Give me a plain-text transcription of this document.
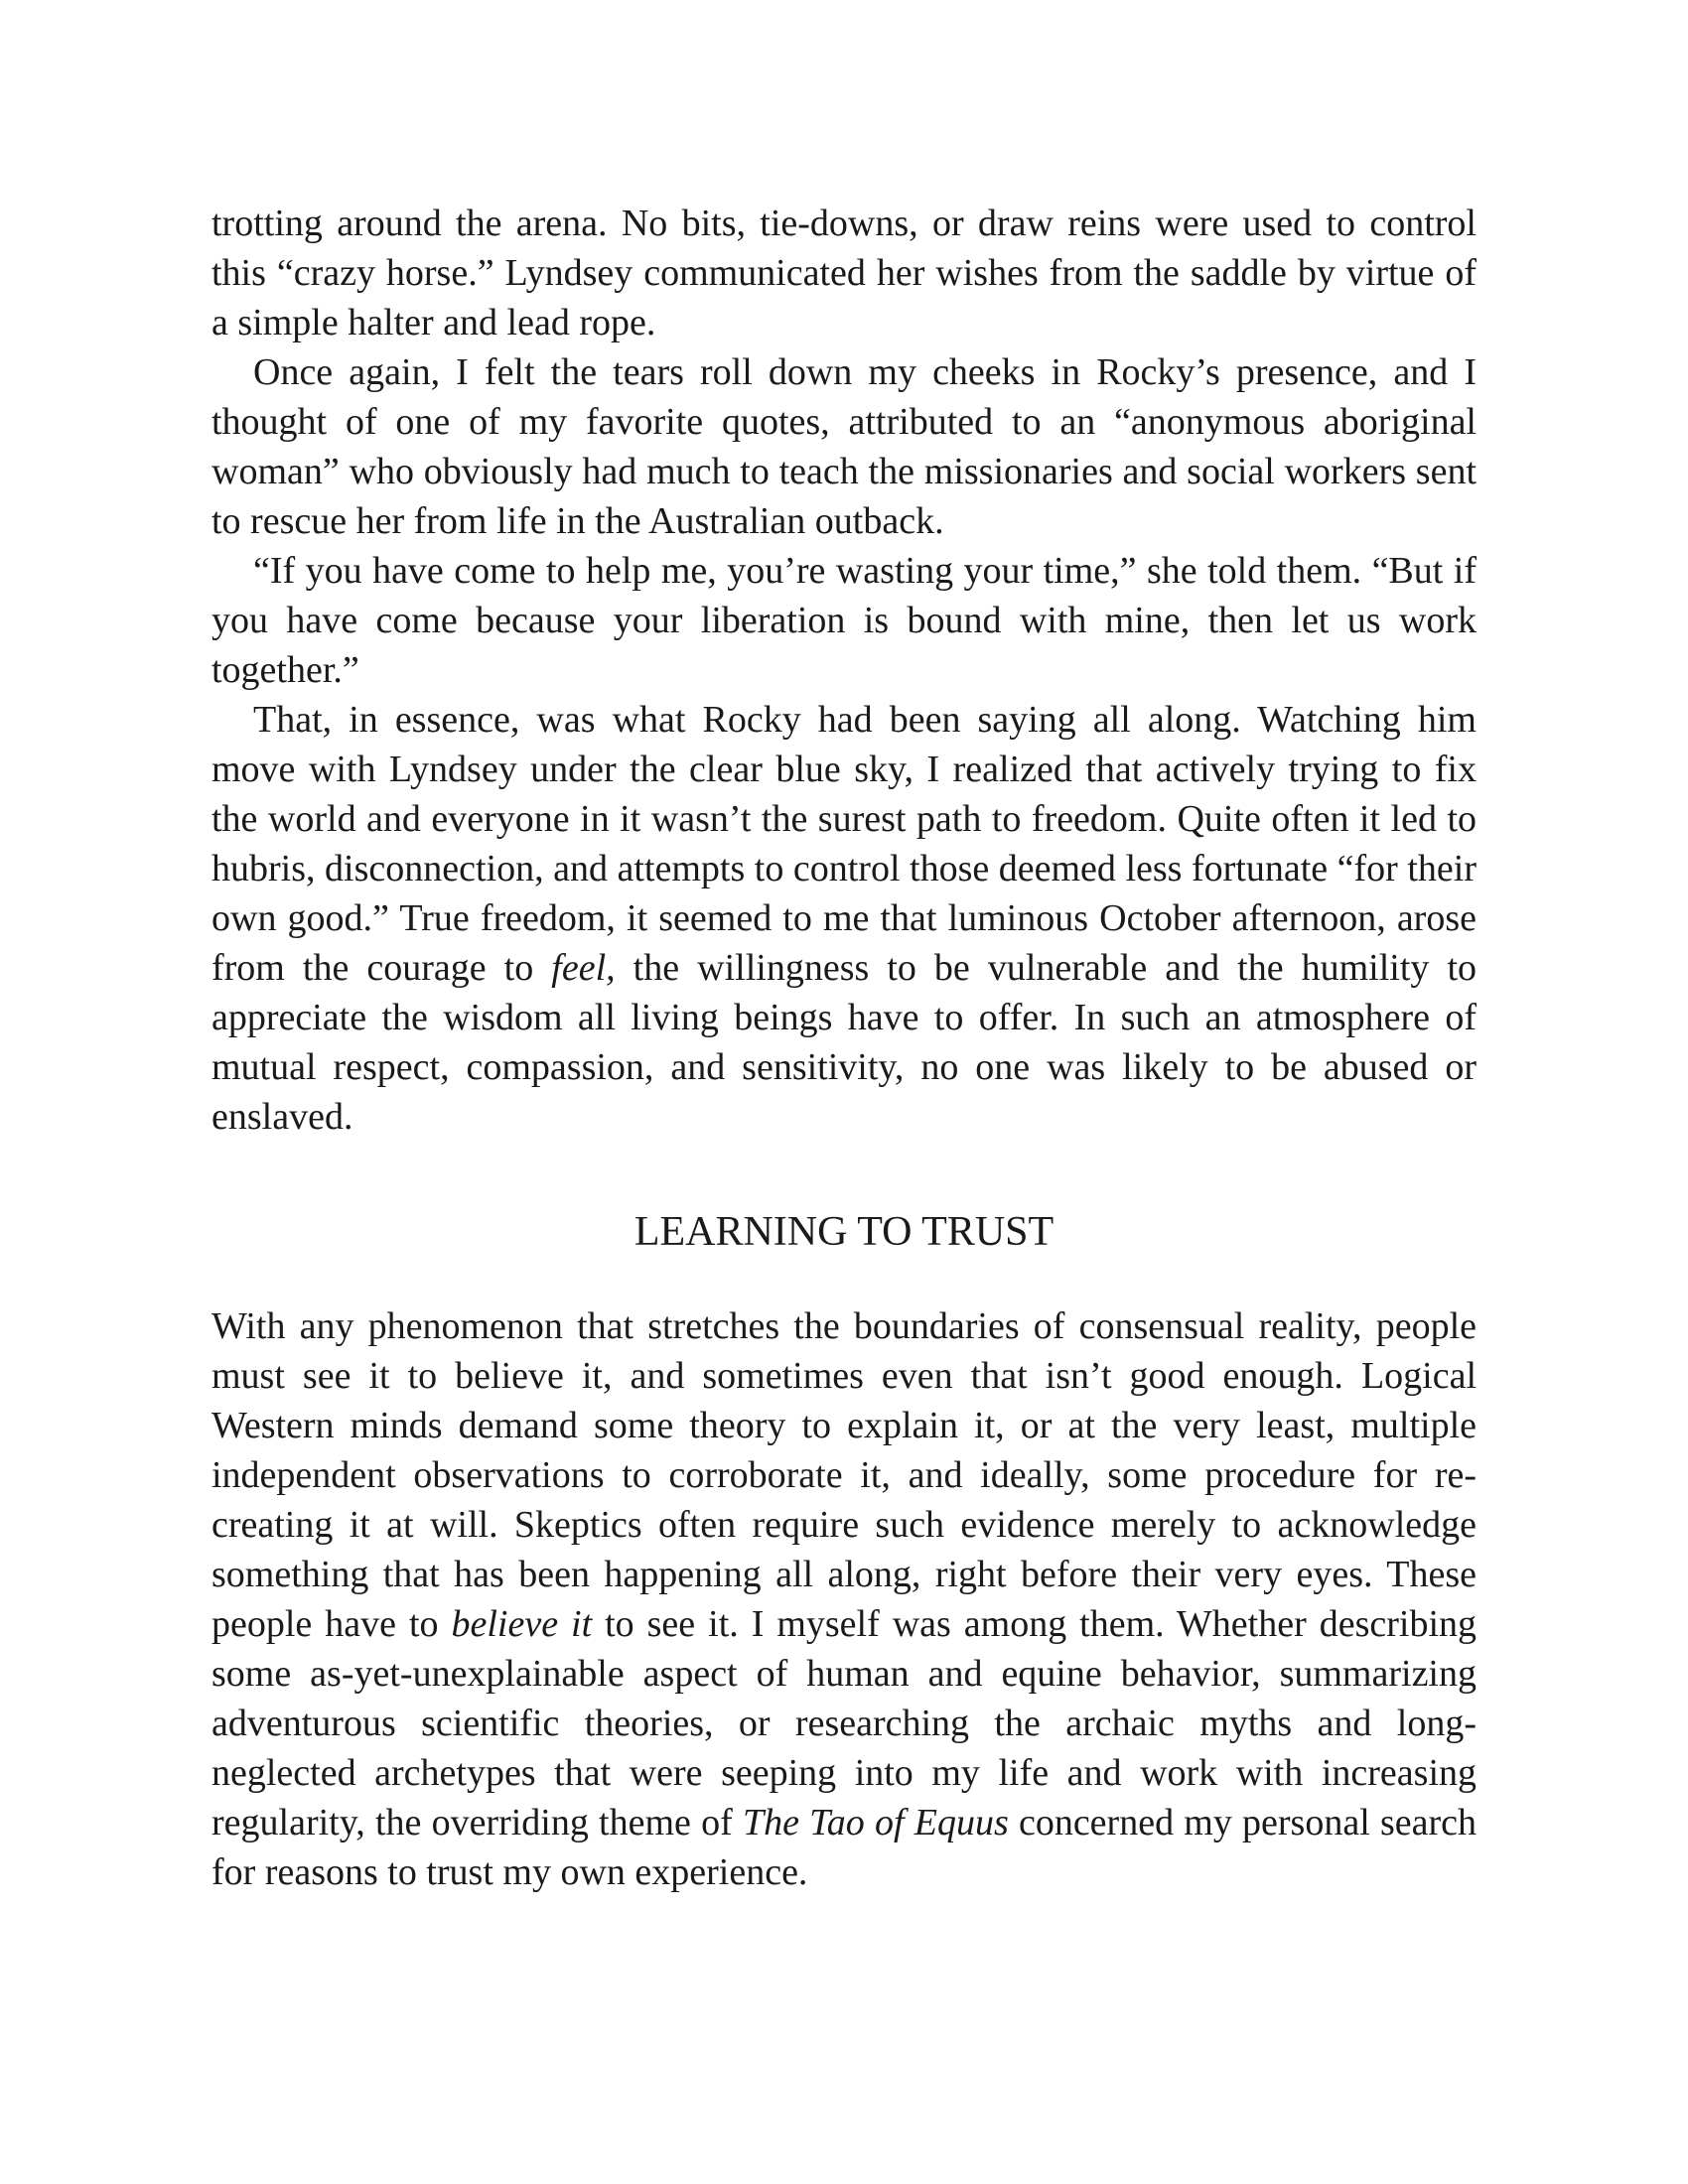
trotting around the arena. No bits, tie-downs, or draw reins were used to control this “crazy horse.” Lyndsey communicated her wishes from the saddle by virtue of a simple halter and lead rope.

Once again, I felt the tears roll down my cheeks in Rocky’s presence, and I thought of one of my favorite quotes, attributed to an “anonymous aboriginal woman” who obviously had much to teach the missionaries and social workers sent to rescue her from life in the Australian outback.

“If you have come to help me, you’re wasting your time,” she told them. “But if you have come because your liberation is bound with mine, then let us work together.”

That, in essence, was what Rocky had been saying all along. Watching him move with Lyndsey under the clear blue sky, I realized that actively trying to fix the world and everyone in it wasn’t the surest path to freedom. Quite often it led to hubris, disconnection, and attempts to control those deemed less fortunate “for their own good.” True freedom, it seemed to me that luminous October afternoon, arose from the courage to feel, the willingness to be vulnerable and the humility to appreciate the wisdom all living beings have to offer. In such an atmosphere of mutual respect, compassion, and sensitivity, no one was likely to be abused or enslaved.

LEARNING TO TRUST

With any phenomenon that stretches the boundaries of consensual reality, people must see it to believe it, and sometimes even that isn’t good enough. Logical Western minds demand some theory to explain it, or at the very least, multiple independent observations to corroborate it, and ideally, some procedure for re-creating it at will. Skeptics often require such evidence merely to acknowledge something that has been happening all along, right before their very eyes. These people have to believe it to see it. I myself was among them. Whether describing some as-yet-unexplainable aspect of human and equine behavior, summarizing adventurous scientific theories, or researching the archaic myths and long-neglected archetypes that were seeping into my life and work with increasing regularity, the overriding theme of The Tao of Equus concerned my personal search for reasons to trust my own experience.
